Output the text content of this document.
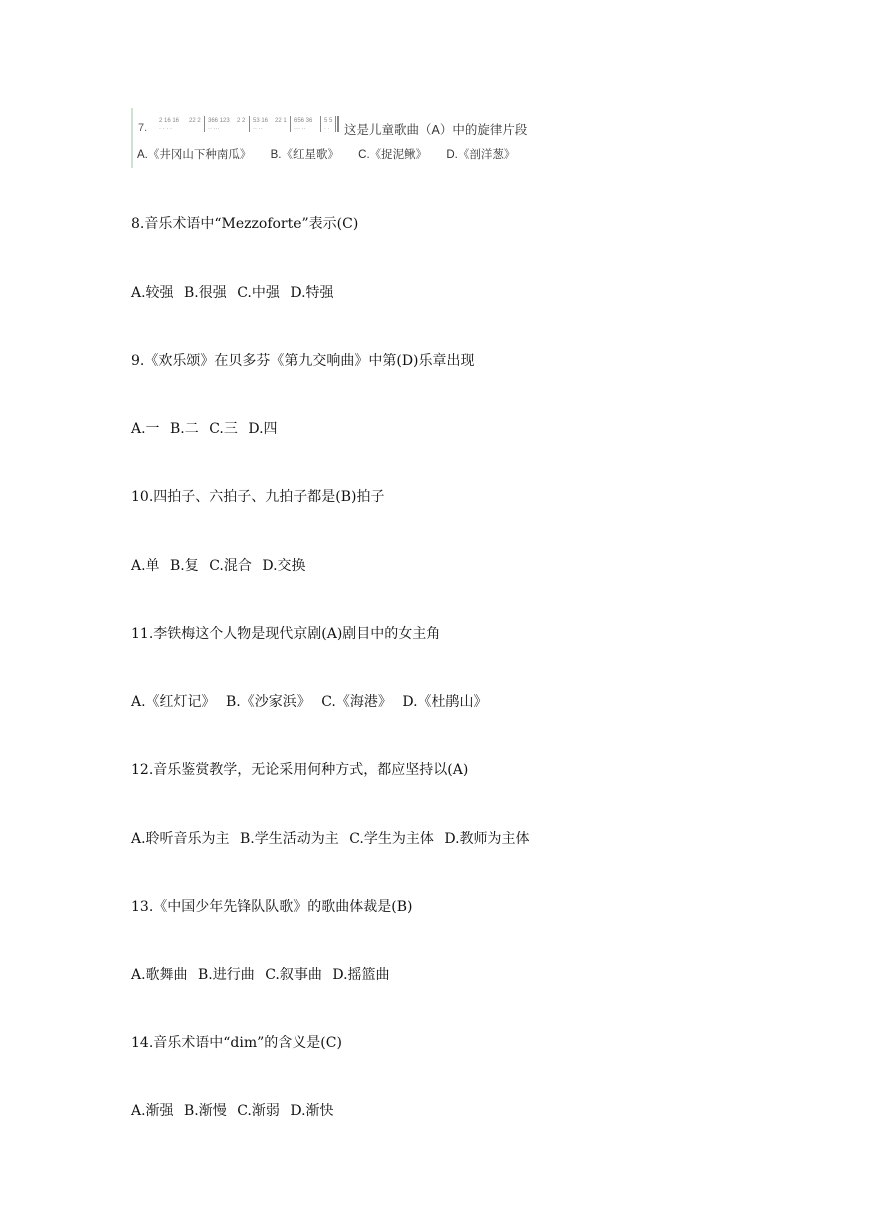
7.
2 16 16
· · · ·
22 2 366 123
·· ···
2 2 53 16
·· ··
22 1 656 36
··· ··
5 5
· · 这是儿童歌曲（A）中的旋律片段
A.《井冈山下种南瓜》 B.《红星歌》 C.《捉泥鳅》 D.《剖洋葱》
8.音乐术语中“Mezzoforte”表示(C)
A.较强 B.很强 C.中强 D.特强
9.《欢乐颂》在贝多芬《第九交响曲》中第(D)乐章出现
A.一 B.二 C.三 D.四
10.四拍子、六拍子、九拍子都是(B)拍子
A.单 B.复 C.混合 D.交换
11.李铁梅这个人物是现代京剧(A)剧目中的女主角
A.《红灯记》 B.《沙家浜》 C.《海港》 D.《杜鹃山》
12.音乐鉴赏教学，无论采用何种方式，都应坚持以(A)
A.聆听音乐为主 B.学生活动为主 C.学生为主体 D.教师为主体
13.《中国少年先锋队队歌》的歌曲体裁是(B)
A.歌舞曲 B.进行曲 C.叙事曲 D.摇篮曲
14.音乐术语中“dim”的含义是(C)
A.渐强 B.渐慢 C.渐弱 D.渐快
